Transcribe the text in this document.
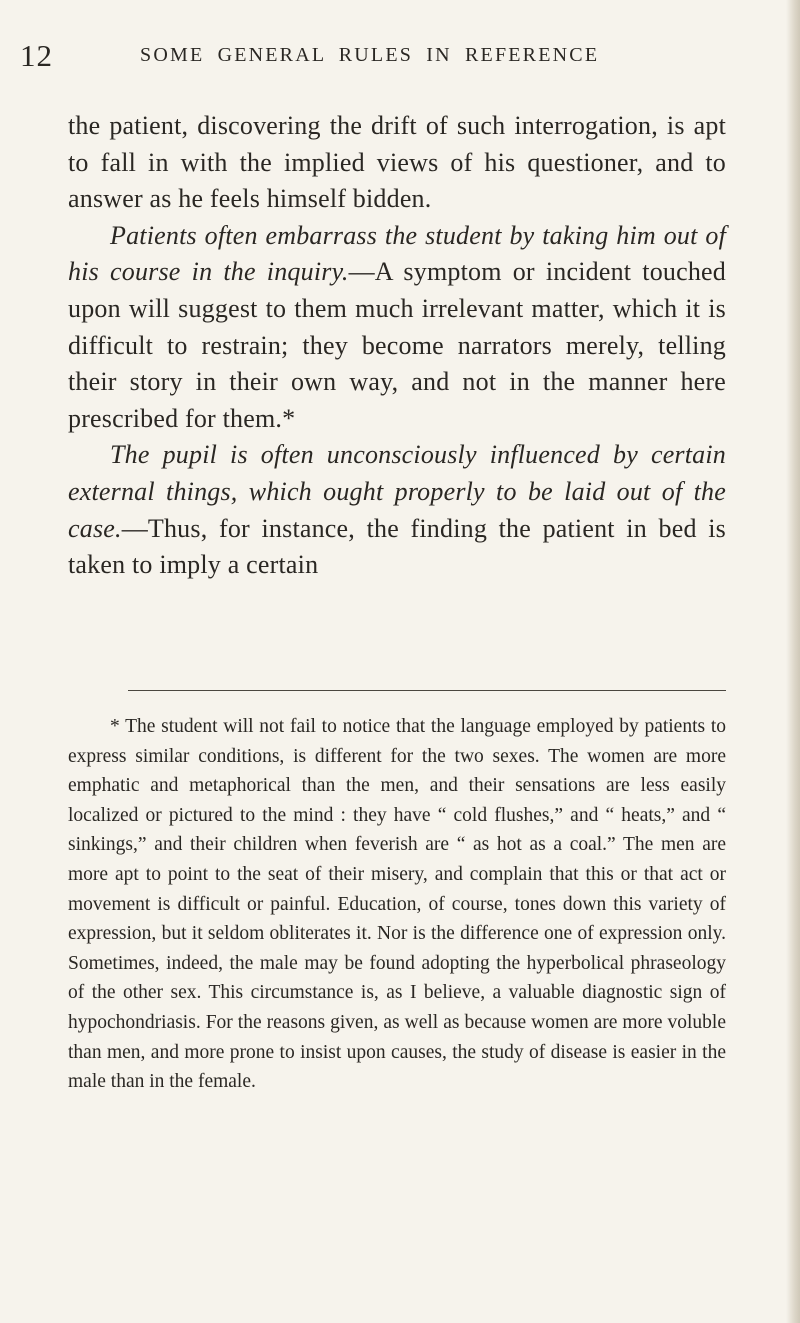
12	SOME GENERAL RULES IN REFERENCE

the patient, discovering the drift of such interrogation, is apt to fall in with the implied views of his questioner, and to answer as he feels himself bidden.

Patients often embarrass the student by taking him out of his course in the inquiry.—A symptom or incident touched upon will suggest to them much irrelevant matter, which it is difficult to restrain; they become narrators merely, telling their story in their own way, and not in the manner here prescribed for them.*

The pupil is often unconsciously influenced by certain external things, which ought properly to be laid out of the case.—Thus, for instance, the finding the patient in bed is taken to imply a certain

* The student will not fail to notice that the language employed by patients to express similar conditions, is different for the two sexes. The women are more emphatic and metaphorical than the men, and their sensations are less easily localized or pictured to the mind : they have “ cold flushes,” and “ heats,” and “ sinkings,” and their children when feverish are “ as hot as a coal.” The men are more apt to point to the seat of their misery, and complain that this or that act or movement is difficult or painful. Education, of course, tones down this variety of expression, but it seldom obliterates it. Nor is the difference one of expression only. Sometimes, indeed, the male may be found adopting the hyperbolical phraseology of the other sex. This circumstance is, as I believe, a valuable diagnostic sign of hypochondriasis. For the reasons given, as well as because women are more voluble than men, and more prone to insist upon causes, the study of disease is easier in the male than in the female.
